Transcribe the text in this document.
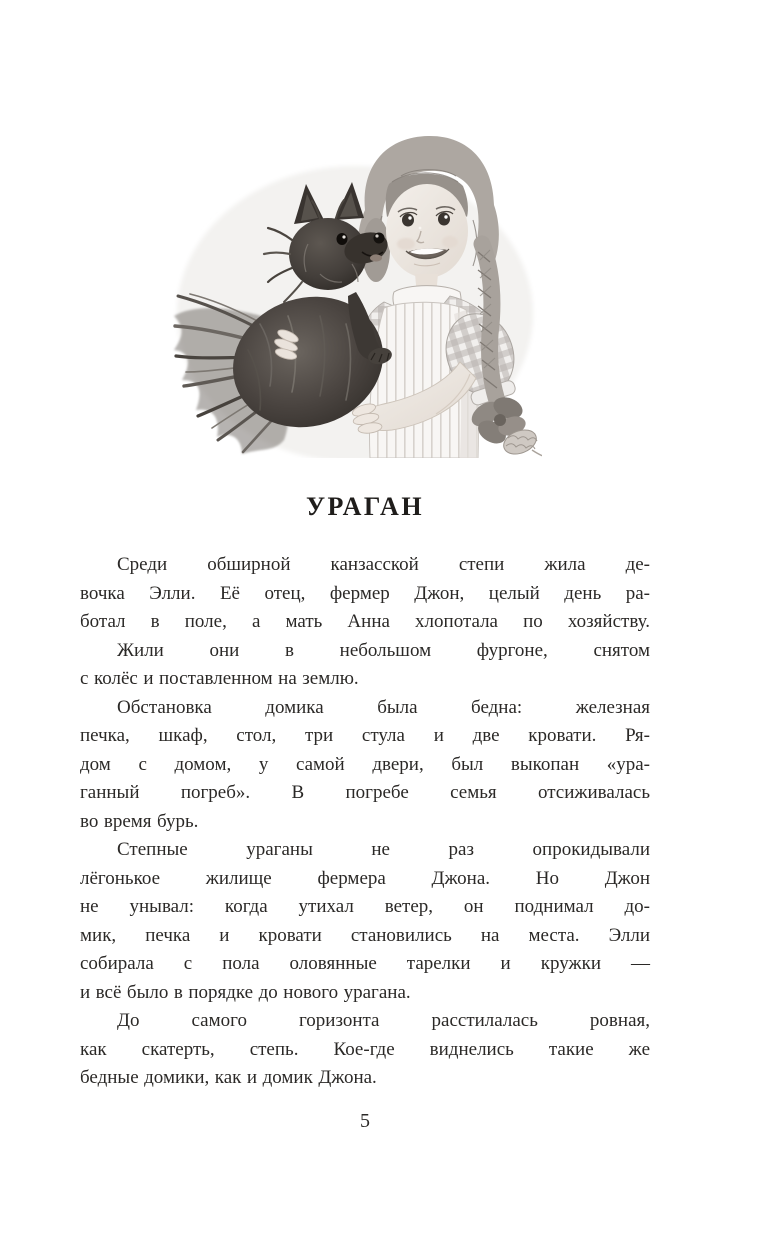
УРАГАН
Среди обширной канзасской степи жила де-
вочка Элли. Её отец, фермер Джон, целый день ра-
ботал в поле, а мать Анна хлопотала по хозяйству.
Жили они в небольшом фургоне, снятом
с колёс и поставленном на землю.
Обстановка домика была бедна: железная
печка, шкаф, стол, три стула и две кровати. Ря-
дом с домом, у самой двери, был выкопан «ура-
ганный погреб». В погребе семья отсиживалась
во время бурь.
Степные ураганы не раз опрокидывали
лёгонькое жилище фермера Джона. Но Джон
не унывал: когда утихал ветер, он поднимал до-
мик, печка и кровати становились на места. Элли
собирала с пола оловянные тарелки и кружки —
и всё было в порядке до нового урагана.
До самого горизонта расстилалась ровная,
как скатерть, степь. Кое-где виднелись такие же
бедные домики, как и домик Джона.
5
